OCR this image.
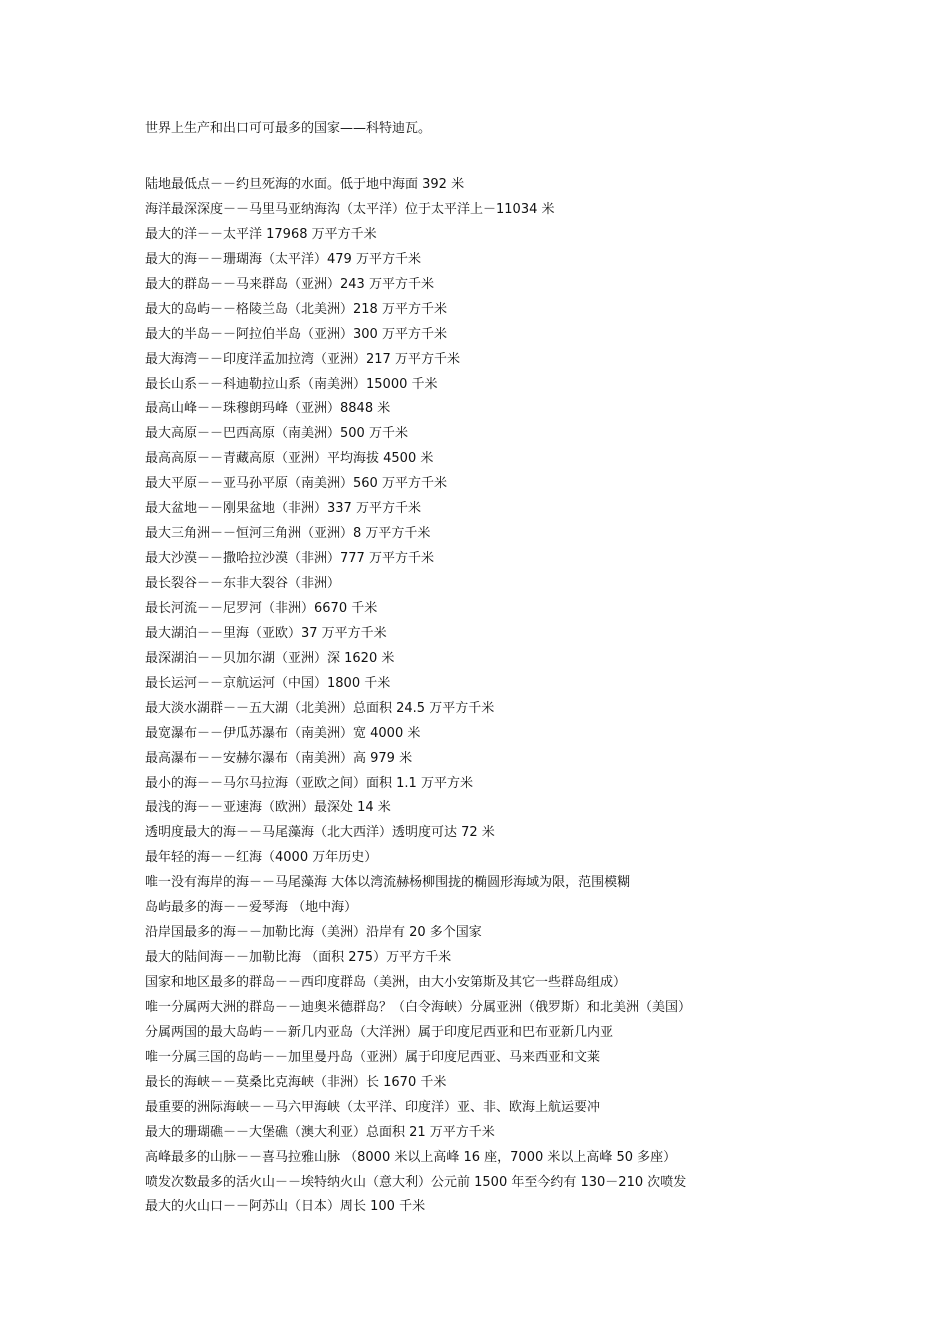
世界上生产和出口可可最多的国家——科特迪瓦。

陆地最低点－－约旦死海的水面。低于地中海面 392 米
海洋最深深度－－马里马亚纳海沟（太平洋）位于太平洋上－11034 米
最大的洋－－太平洋 17968 万平方千米
最大的海－－珊瑚海（太平洋）479 万平方千米
最大的群岛－－马来群岛（亚洲）243 万平方千米
最大的岛屿－－格陵兰岛（北美洲）218 万平方千米
最大的半岛－－阿拉伯半岛（亚洲）300 万平方千米
最大海湾－－印度洋孟加拉湾（亚洲）217 万平方千米
最长山系－－科迪勒拉山系（南美洲）15000 千米
最高山峰－－珠穆朗玛峰（亚洲）8848 米
最大高原－－巴西高原（南美洲）500 万千米
最高高原－－青藏高原（亚洲）平均海拔 4500 米
最大平原－－亚马孙平原（南美洲）560 万平方千米
最大盆地－－刚果盆地（非洲）337 万平方千米
最大三角洲－－恒河三角洲（亚洲）8 万平方千米
最大沙漠－－撒哈拉沙漠（非洲）777 万平方千米
最长裂谷－－东非大裂谷（非洲）
最长河流－－尼罗河（非洲）6670 千米
最大湖泊－－里海（亚欧）37 万平方千米
最深湖泊－－贝加尔湖（亚洲）深 1620 米
最长运河－－京航运河（中国）1800 千米
最大淡水湖群－－五大湖（北美洲）总面积 24.5 万平方千米
最宽瀑布－－伊瓜苏瀑布（南美洲）宽 4000 米
最高瀑布－－安赫尔瀑布（南美洲）高 979 米
最小的海－－马尔马拉海（亚欧之间）面积 1.1 万平方米
最浅的海－－亚速海（欧洲）最深处 14 米
透明度最大的海－－马尾藻海（北大西洋）透明度可达 72 米
最年轻的海－－红海（4000 万年历史）
唯一没有海岸的海－－马尾藻海 大体以湾流赫杨柳围拢的椭圆形海域为限，范围模糊
岛屿最多的海－－爱琴海 （地中海）
沿岸国最多的海－－加勒比海（美洲）沿岸有 20 多个国家
最大的陆间海－－加勒比海 （面积 275）万平方千米
国家和地区最多的群岛－－西印度群岛（美洲，由大小安第斯及其它一些群岛组成）
唯一分属两大洲的群岛－－迪奥米德群岛？（白令海峡）分属亚洲（俄罗斯）和北美洲（美国）
分属两国的最大岛屿－－新几内亚岛（大洋洲）属于印度尼西亚和巴布亚新几内亚
唯一分属三国的岛屿－－加里曼丹岛（亚洲）属于印度尼西亚、马来西亚和文莱
最长的海峡－－莫桑比克海峡（非洲）长 1670 千米
最重要的洲际海峡－－马六甲海峡（太平洋、印度洋）亚、非、欧海上航运要冲
最大的珊瑚礁－－大堡礁（澳大利亚）总面积 21 万平方千米
高峰最多的山脉－－喜马拉雅山脉 （8000 米以上高峰 16 座，7000 米以上高峰 50 多座）
喷发次数最多的活火山－－埃特纳火山（意大利）公元前 1500 年至今约有 130－210 次喷发
最大的火山口－－阿苏山（日本）周长 100 千米
